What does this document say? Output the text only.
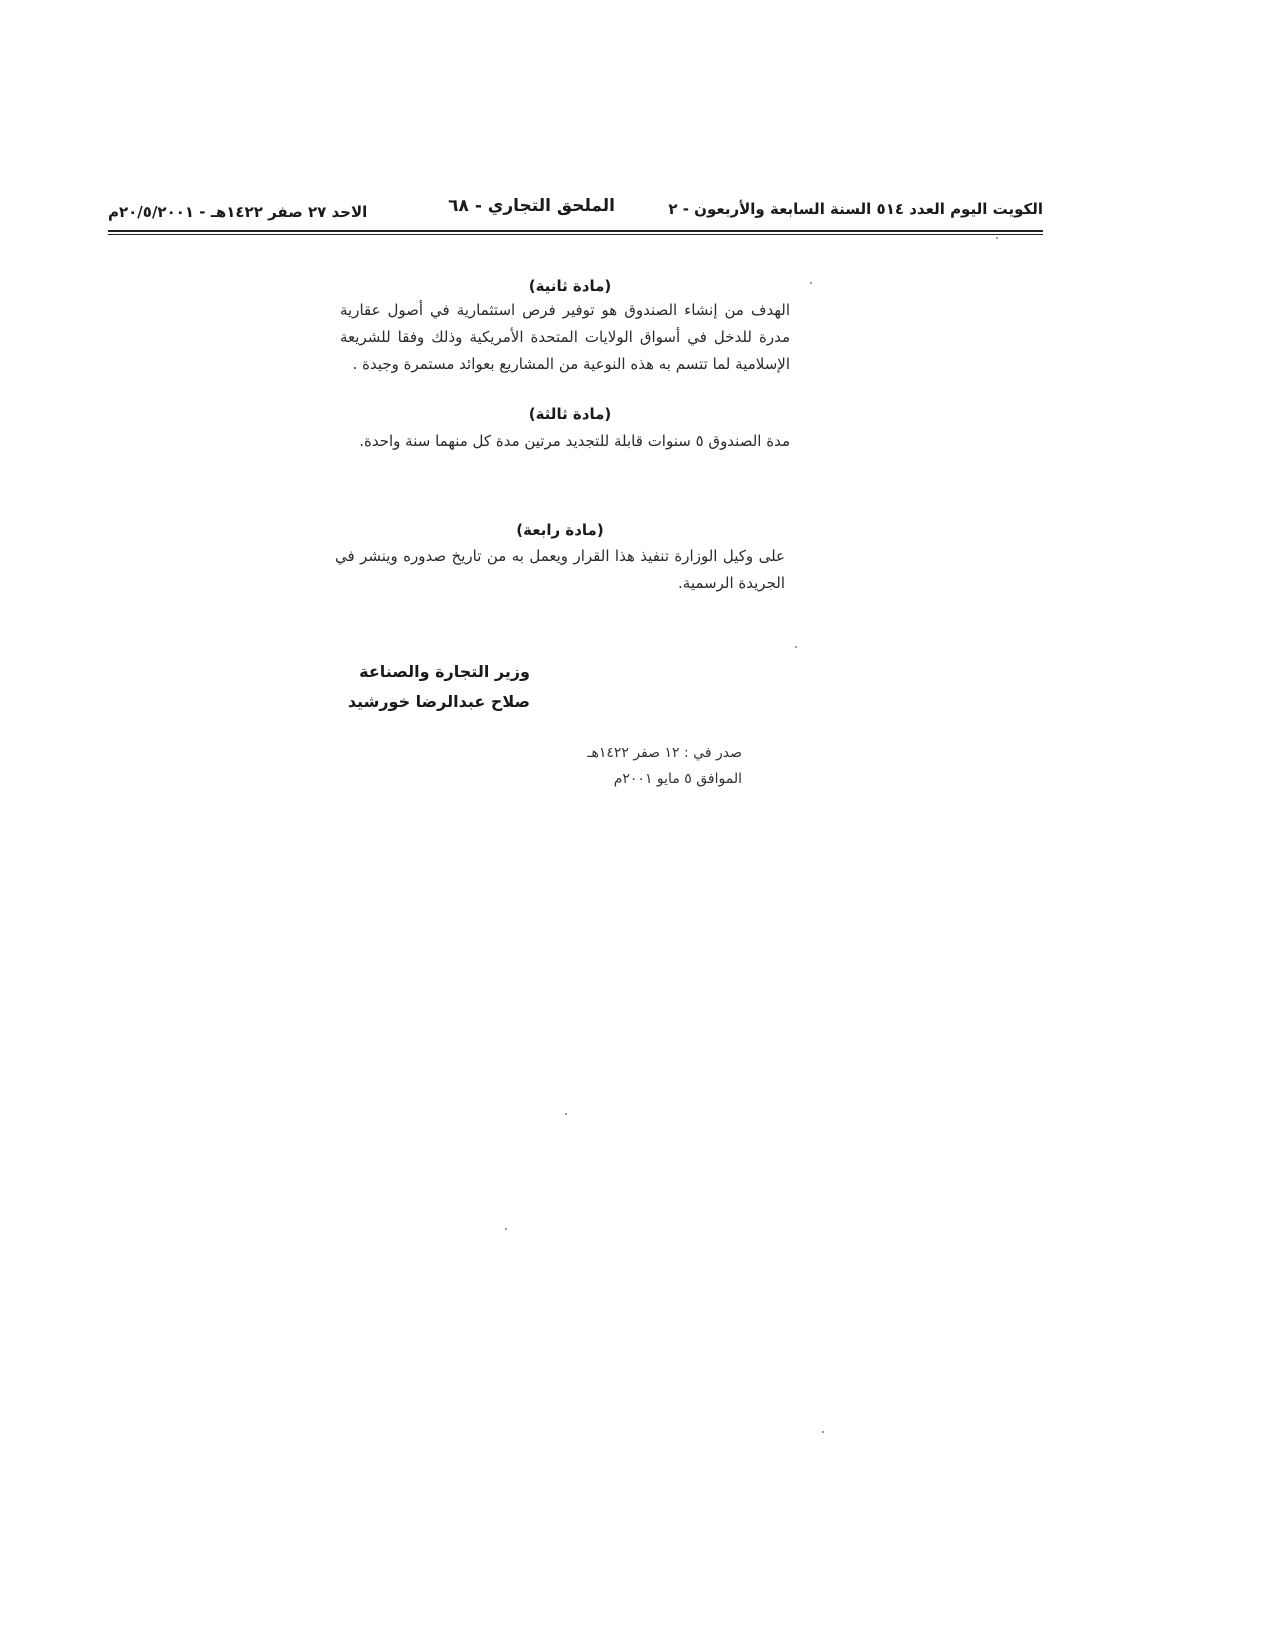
الكويت اليوم العدد ٥١٤ السنة السابعة والأربعون - ٢
الملحق التجاري - ٦٨
الاحد ٢٧ صفر ١٤٢٢هـ - ٢٠/٥/٢٠٠١م
(مادة ثانية)
الهدف من إنشاء الصندوق هو توفير فرص استثمارية في أصول عقارية مدرة للدخل في أسواق الولايات المتحدة الأمريكية وذلك وفقا للشريعة الإسلامية لما تتسم به هذه النوعية من المشاريع بعوائد مستمرة وجيدة .
(مادة ثالثة)
مدة الصندوق ٥ سنوات قابلة للتجديد مرتين مدة كل منهما سنة واحدة.
(مادة رابعة)
على وكيل الوزارة تنفيذ هذا القرار ويعمل به من تاريخ صدوره وينشر في الجريدة الرسمية.
وزير التجارة والصناعة
صلاح عبدالرضا خورشيد
صدر في : ١٢ صفر ١٤٢٢هـ
الموافق ٥ مايو ٢٠٠١م
